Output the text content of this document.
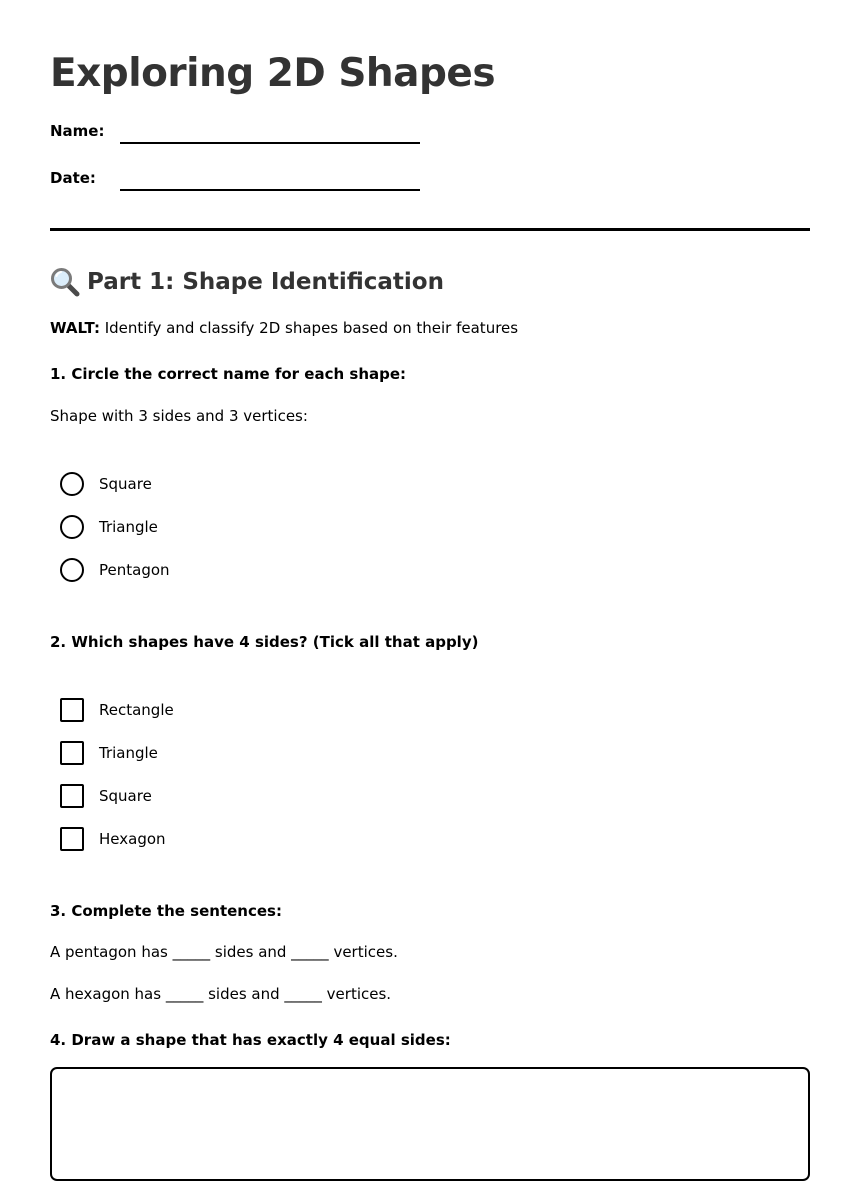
Exploring 2D Shapes
Name:
Date:
Part 1: Shape Identification
WALT: Identify and classify 2D shapes based on their features
1. Circle the correct name for each shape:
Shape with 3 sides and 3 vertices:
Square
Triangle
Pentagon
2. Which shapes have 4 sides? (Tick all that apply)
Rectangle
Triangle
Square
Hexagon
3. Complete the sentences:
A pentagon has _____ sides and _____ vertices.
A hexagon has _____ sides and _____ vertices.
4. Draw a shape that has exactly 4 equal sides:
